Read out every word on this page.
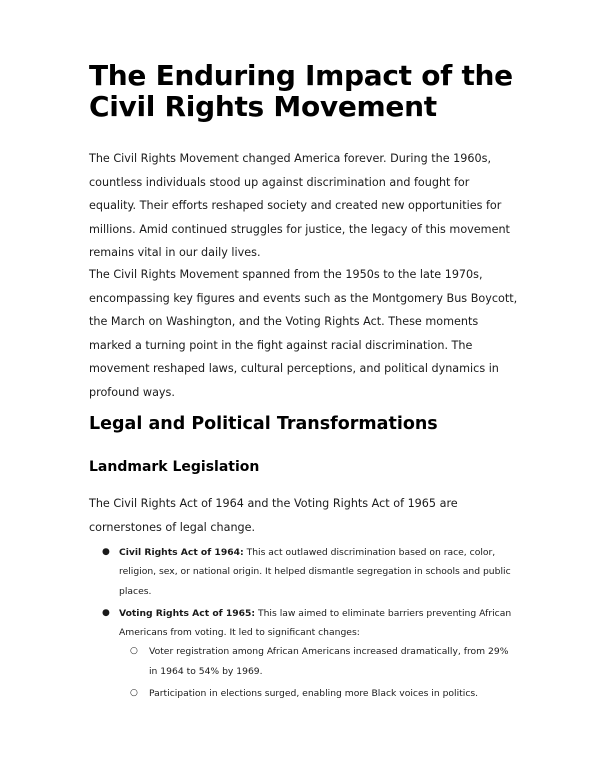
The Enduring Impact of the Civil Rights Movement

The Civil Rights Movement changed America forever. During the 1960s, countless individuals stood up against discrimination and fought for equality. Their efforts reshaped society and created new opportunities for millions. Amid continued struggles for justice, the legacy of this movement remains vital in our daily lives.

The Civil Rights Movement spanned from the 1950s to the late 1970s, encompassing key figures and events such as the Montgomery Bus Boycott, the March on Washington, and the Voting Rights Act. These moments marked a turning point in the fight against racial discrimination. The movement reshaped laws, cultural perceptions, and political dynamics in profound ways.

Legal and Political Transformations
Landmark Legislation

The Civil Rights Act of 1964 and the Voting Rights Act of 1965 are cornerstones of legal change.

● Civil Rights Act of 1964: This act outlawed discrimination based on race, color, religion, sex, or national origin. It helped dismantle segregation in schools and public places.
● Voting Rights Act of 1965: This law aimed to eliminate barriers preventing African Americans from voting. It led to significant changes:
○ Voter registration among African Americans increased dramatically, from 29% in 1964 to 54% by 1969.
○ Participation in elections surged, enabling more Black voices in politics.
